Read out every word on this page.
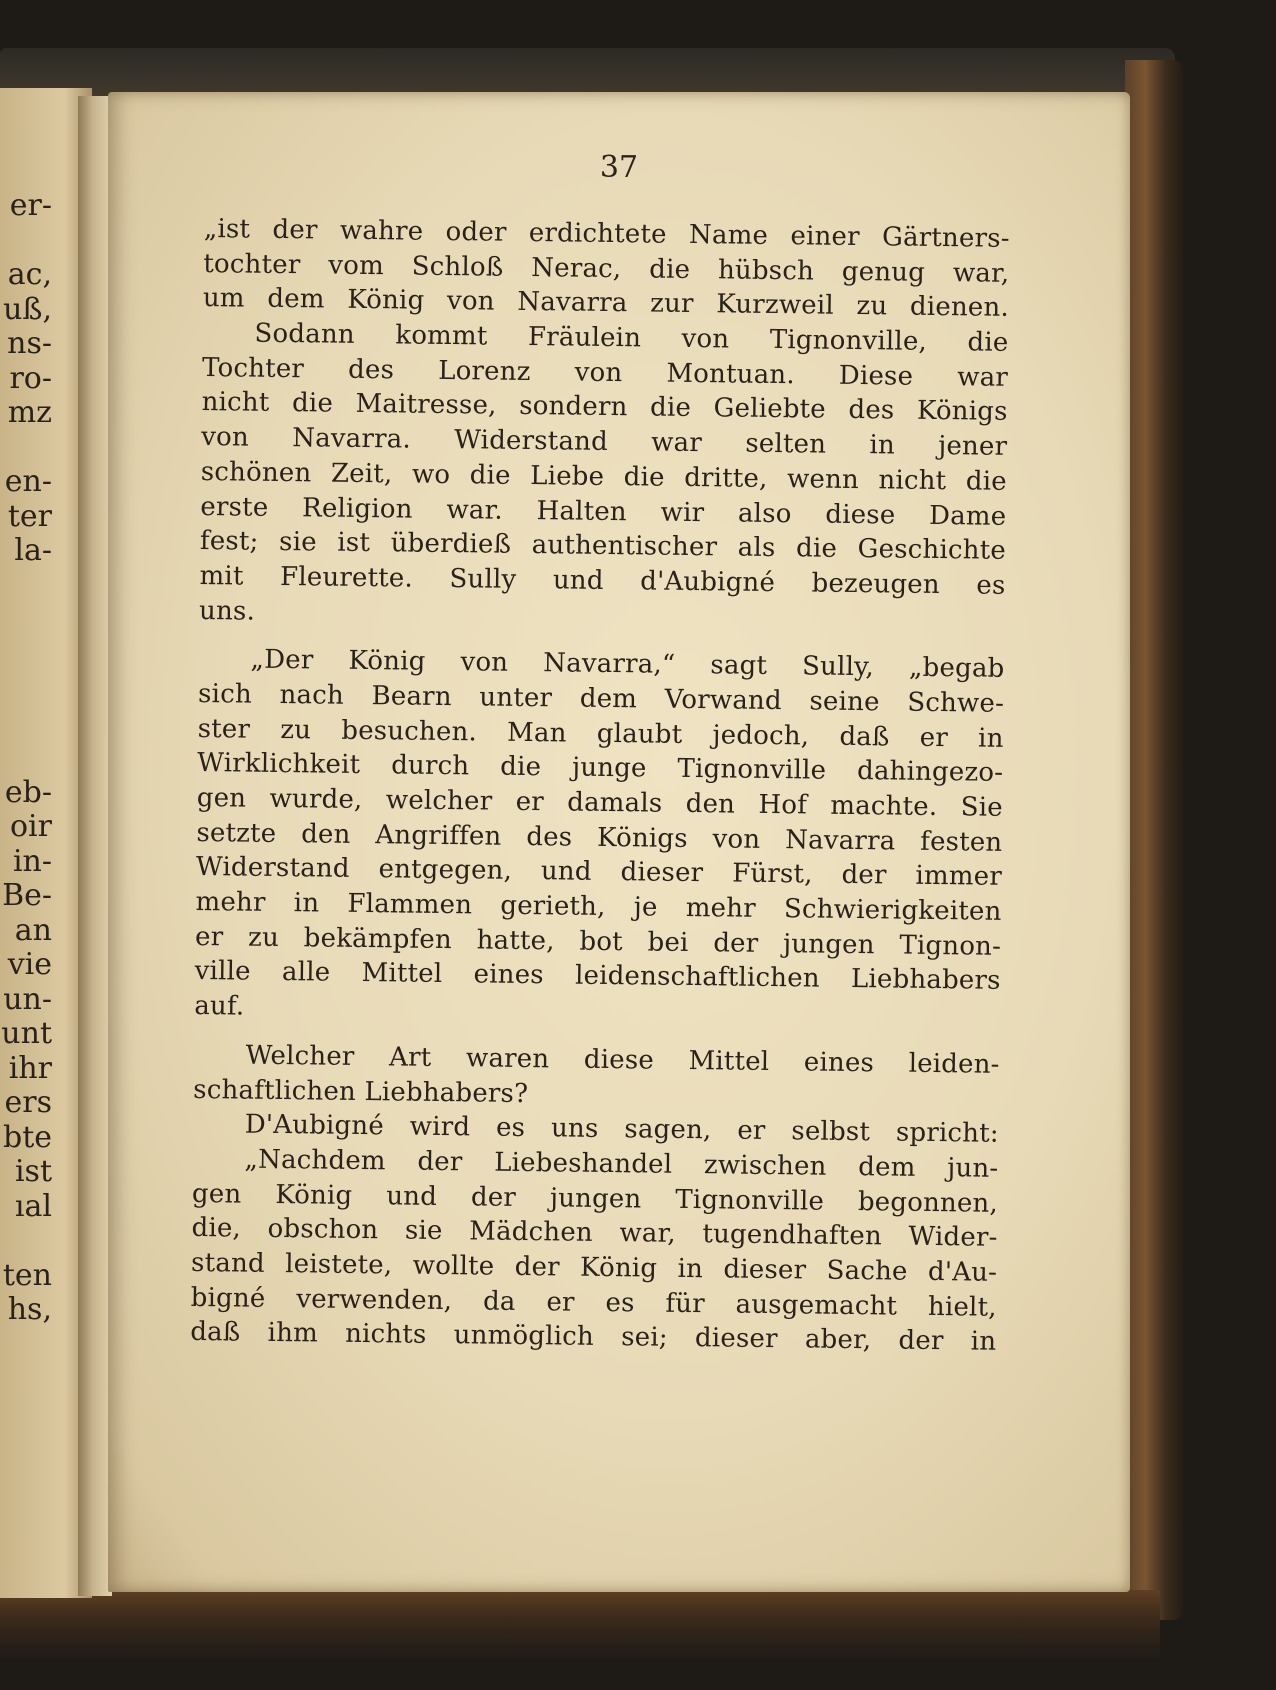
er-
ac,
uß,
ns-
ro-
mz
en-
ter
la-
eb-
oir
in-
Be-
an
vie
un-
unt
ihr
ers
bte
ist
ıal
ten
hs,
37
„ist der wahre oder erdichtete Name einer Gärtners-
tochter vom Schloß Nerac, die hübsch genug war,
um dem König von Navarra zur Kurzweil zu dienen.
Sodann kommt Fräulein von Tignonville, die
Tochter des Lorenz von Montuan. Diese war
nicht die Maitresse, sondern die Geliebte des Königs
von Navarra. Widerstand war selten in jener
schönen Zeit, wo die Liebe die dritte, wenn nicht die
erste Religion war. Halten wir also diese Dame
fest; sie ist überdieß authentischer als die Geschichte
mit Fleurette. Sully und d'Aubigné bezeugen es
uns.
„Der König von Navarra,“ sagt Sully, „begab
sich nach Bearn unter dem Vorwand seine Schwe-
ster zu besuchen. Man glaubt jedoch, daß er in
Wirklichkeit durch die junge Tignonville dahingezo-
gen wurde, welcher er damals den Hof machte. Sie
setzte den Angriffen des Königs von Navarra festen
Widerstand entgegen, und dieser Fürst, der immer
mehr in Flammen gerieth, je mehr Schwierigkeiten
er zu bekämpfen hatte, bot bei der jungen Tignon-
ville alle Mittel eines leidenschaftlichen Liebhabers
auf.
Welcher Art waren diese Mittel eines leiden-
schaftlichen Liebhabers?
D'Aubigné wird es uns sagen, er selbst spricht:
„Nachdem der Liebeshandel zwischen dem jun-
gen König und der jungen Tignonville begonnen,
die, obschon sie Mädchen war, tugendhaften Wider-
stand leistete, wollte der König in dieser Sache d'Au-
bigné verwenden, da er es für ausgemacht hielt,
daß ihm nichts unmöglich sei; dieser aber, der in
